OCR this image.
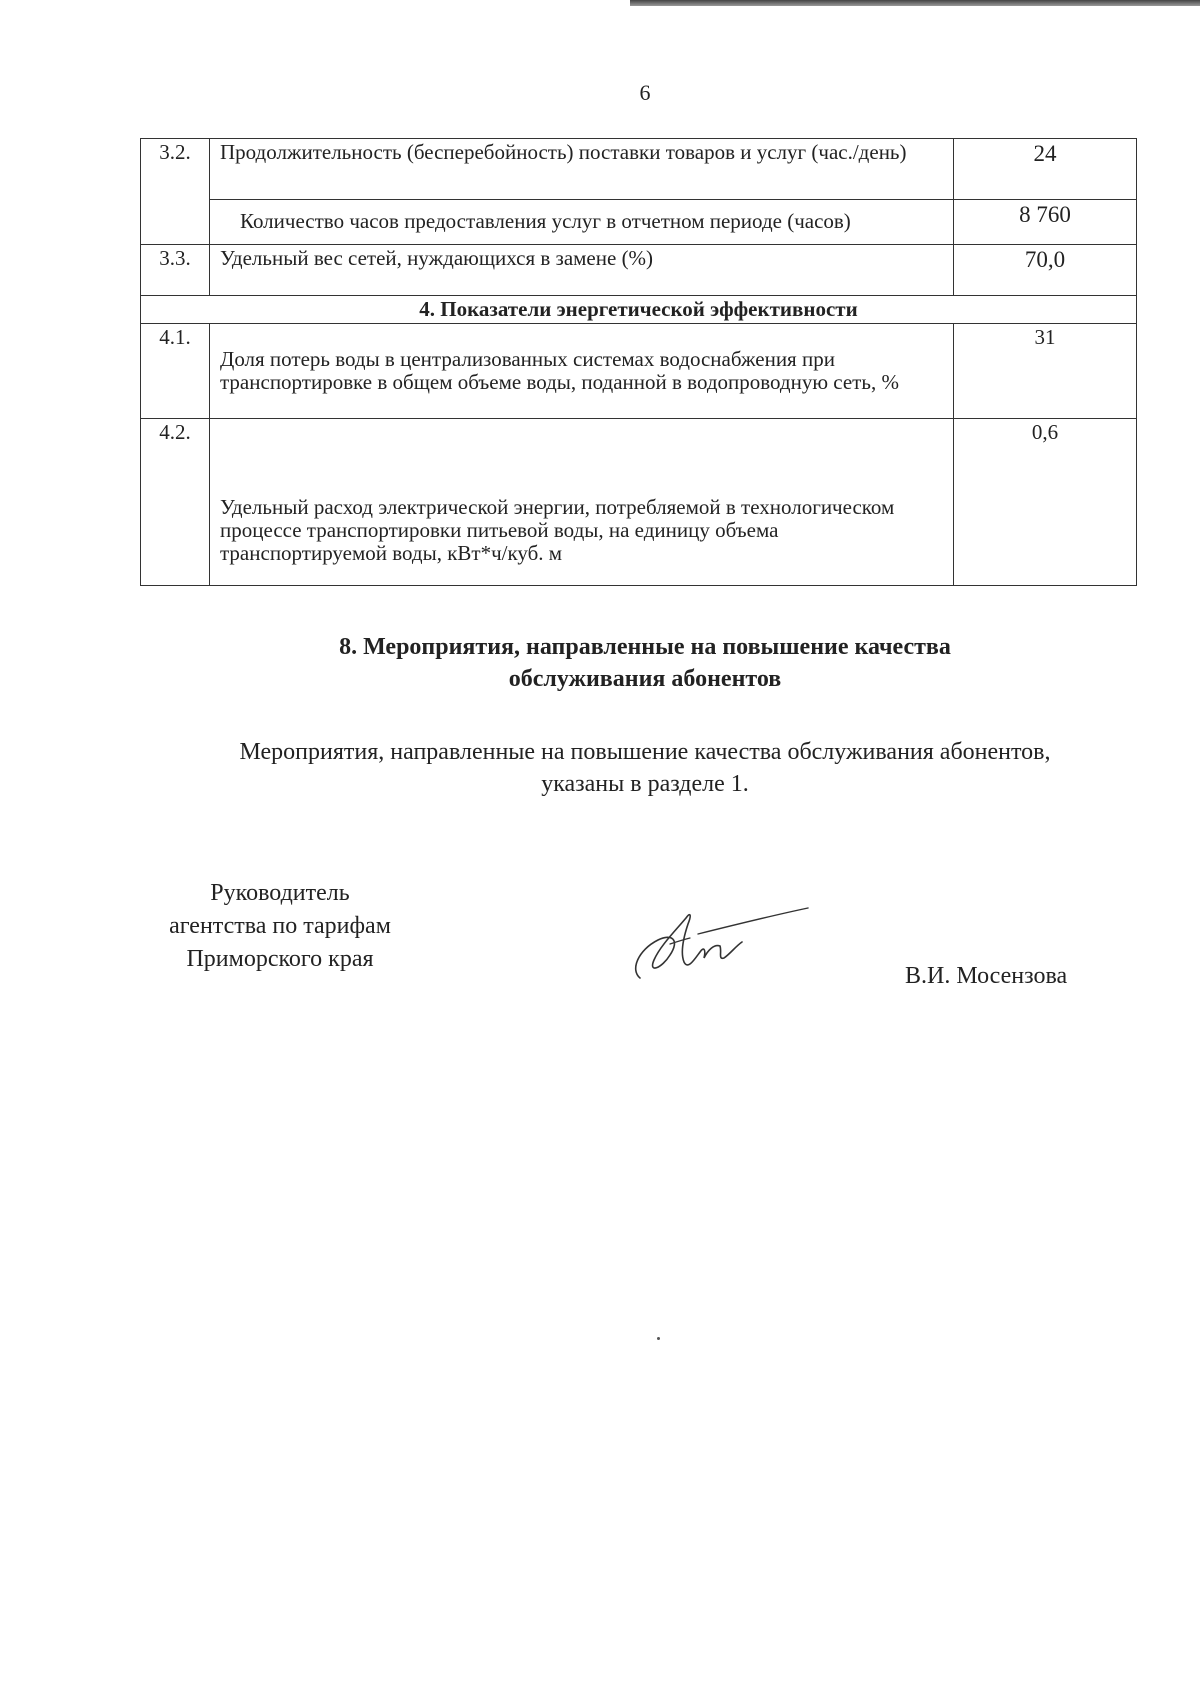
6
3.2.	Продолжительность (бесперебойность) поставки товаров и услуг (час./день)	24
	Количество часов предоставления услуг в отчетном периоде (часов)	8 760
3.3.	Удельный вес сетей, нуждающихся в замене (%)	70,0
4. Показатели энергетической эффективности		
4.1.	Доля потерь воды в централизованных системах водоснабжения при транспортировке в общем объеме воды, поданной в водопроводную сеть, %	31
4.2.	Удельный расход электрической энергии, потребляемой в технологическом процессе транспортировки питьевой воды, на единицу объема транспортируемой воды, кВт*ч/куб. м	0,6
8. Мероприятия, направленные на повышение качества
обслуживания абонентов
Мероприятия, направленные на повышение качества обслуживания абонентов,
указаны в разделе 1.
Руководитель
агентства по тарифам
Приморского края
В.И. Мосензова
